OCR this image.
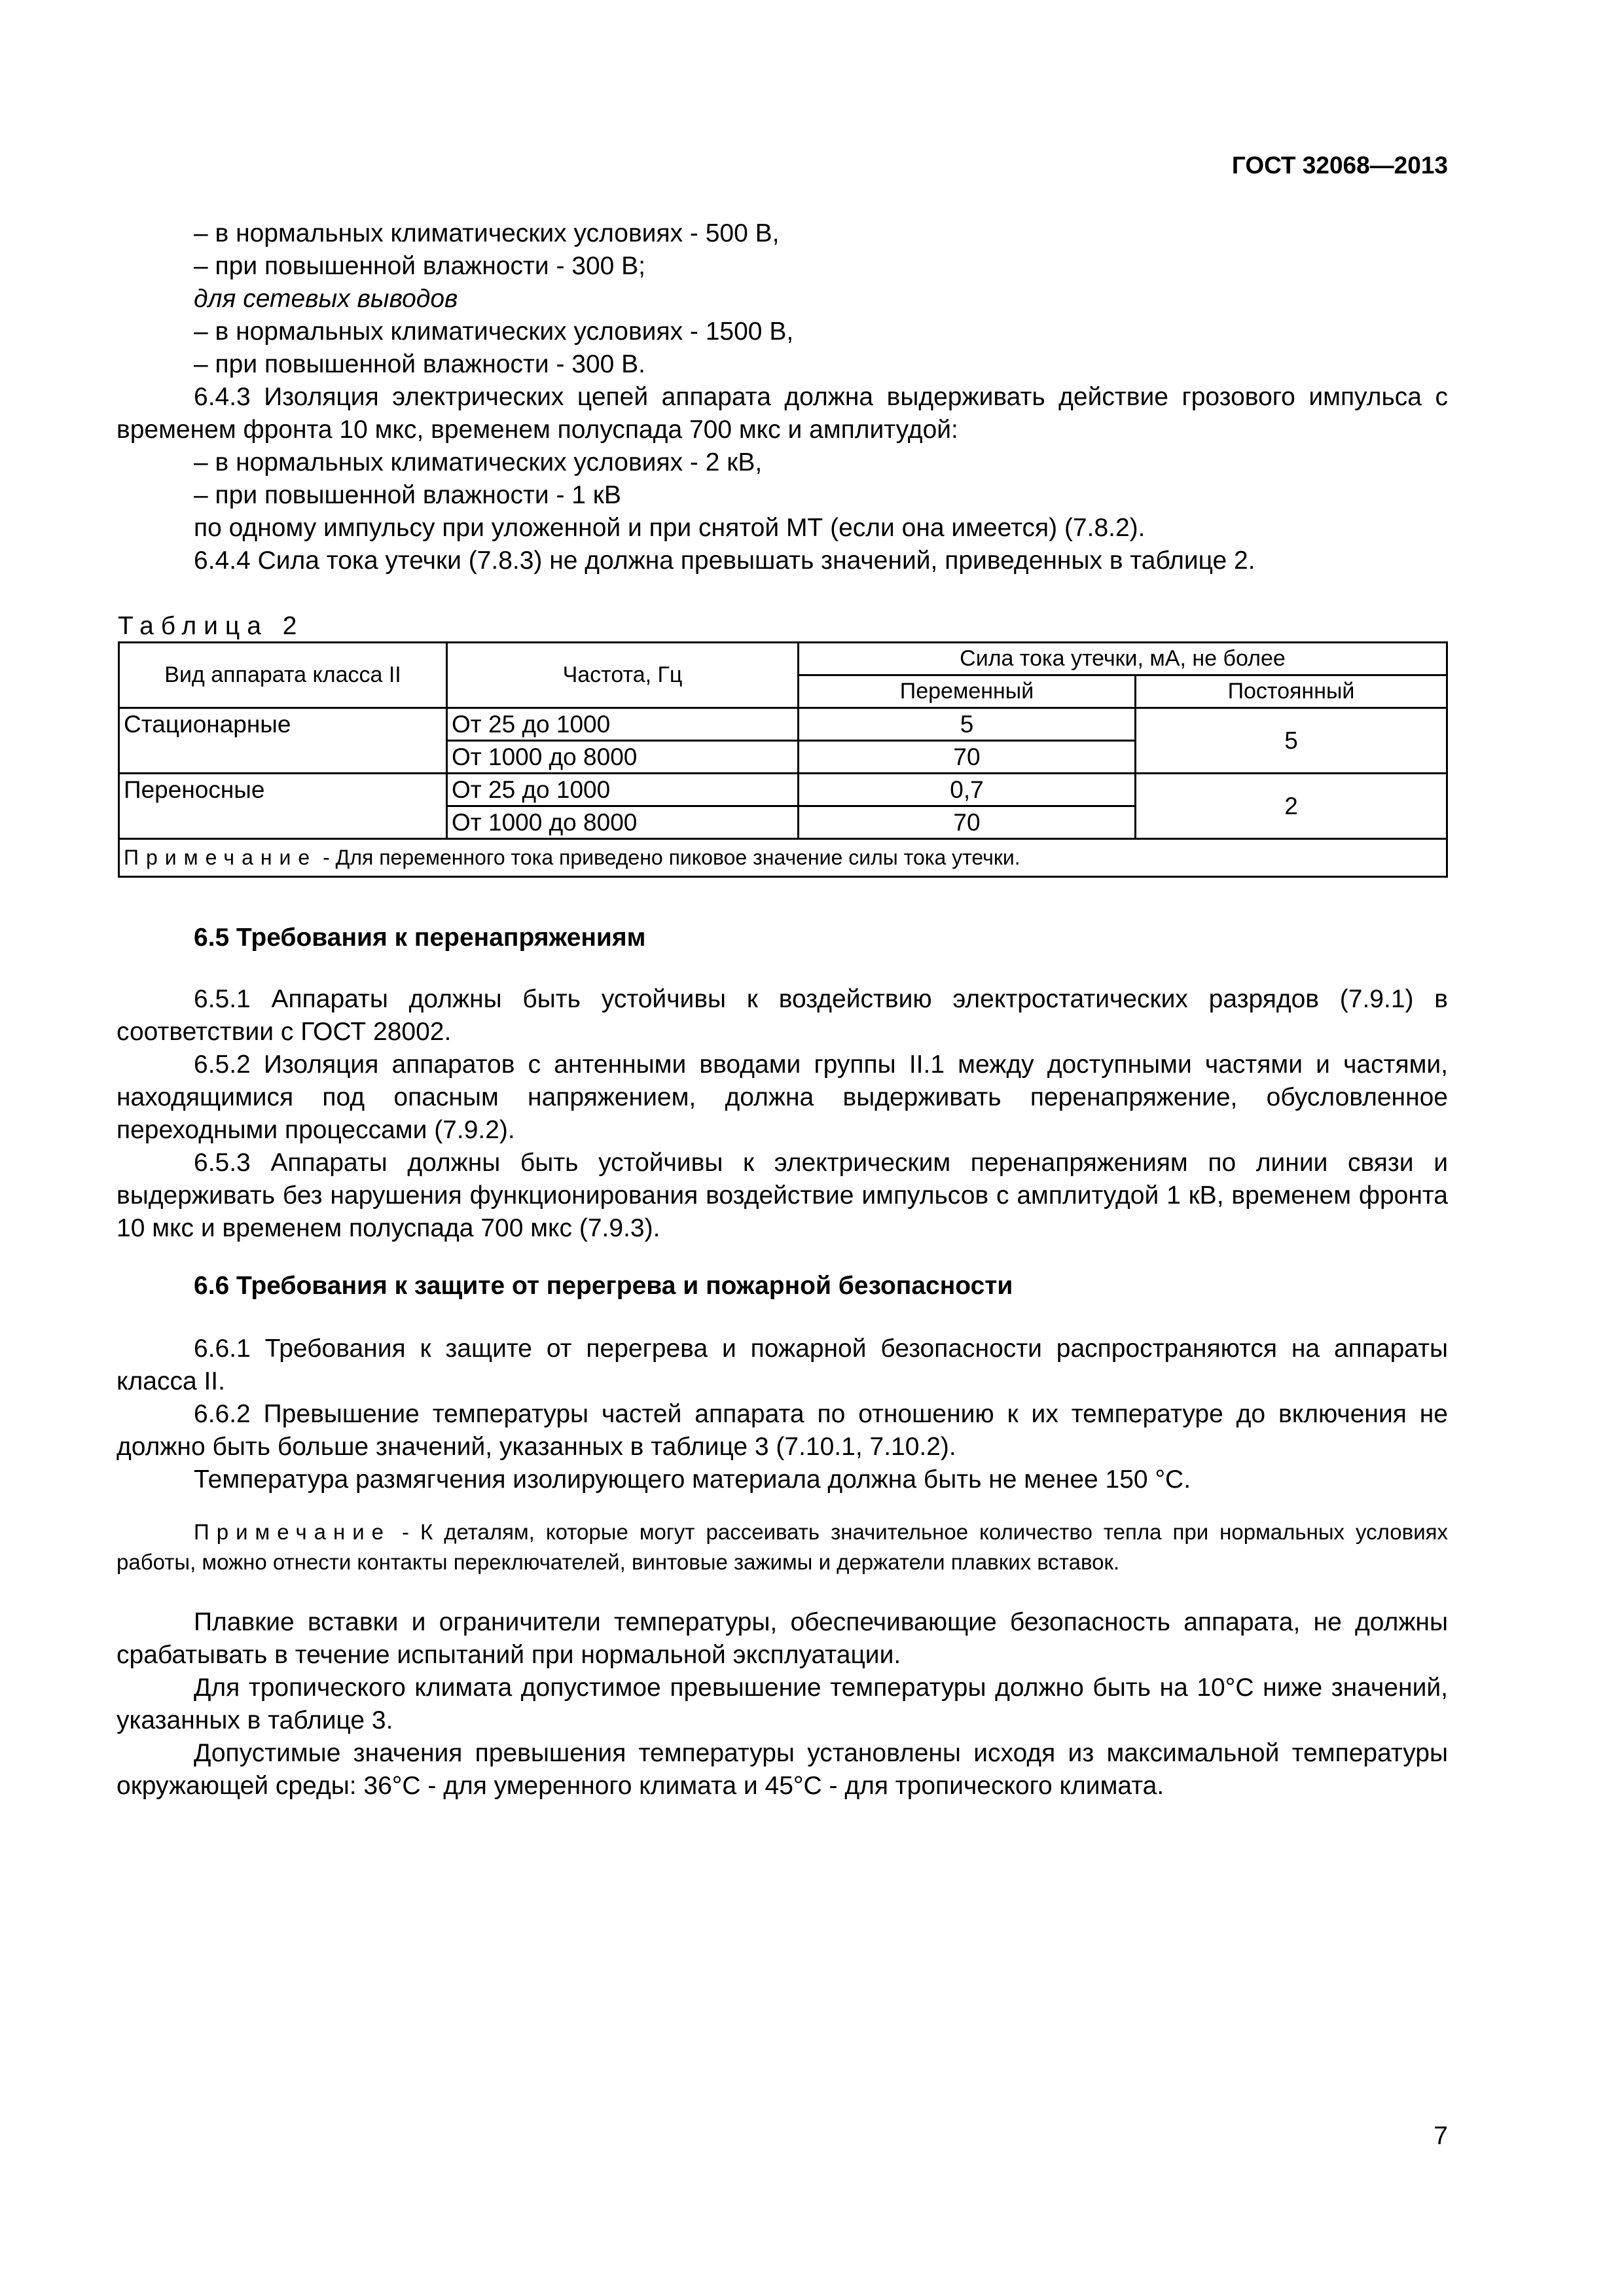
ГОСТ 32068—2013

– в нормальных климатических условиях - 500 В,

– при повышенной влажности - 300 В;

для сетевых выводов

– в нормальных климатических условиях - 1500 В,

– при повышенной влажности - 300 В.

6.4.3 Изоляция электрических цепей аппарата должна выдерживать действие грозового импульса с временем фронта 10 мкс, временем полуспада 700 мкс и амплитудой:

– в нормальных климатических условиях - 2 кВ,

– при повышенной влажности - 1 кВ

по одному импульсу при уложенной и при снятой МТ (если она имеется) (7.8.2).

6.4.4 Сила тока утечки (7.8.3) не должна превышать значений, приведенных в таблице 2.

Таблица 2
Вид аппарата класса II	Частота, Гц	Сила тока утечки, мА, не более	
		Переменный	Постоянный
Стационарные	От 25 до 1000	5	5
	От 1000 до 8000	70	
Переносные	От 25 до 1000	0,7	2
	От 1000 до 8000	70	
Примечание - Для переменного тока приведено пиковое значение силы тока утечки.			
6.5 Требования к перенапряжениям

6.5.1 Аппараты должны быть устойчивы к воздействию электростатических разрядов (7.9.1) в соответствии с ГОСТ 28002.

6.5.2 Изоляция аппаратов с антенными вводами группы II.1 между доступными частями и частями, находящимися под опасным напряжением, должна выдерживать перенапряжение, обусловленное переходными процессами (7.9.2).

6.5.3 Аппараты должны быть устойчивы к электрическим перенапряжениям по линии связи и выдерживать без нарушения функционирования воздействие импульсов с амплитудой 1 кВ, временем фронта 10 мкс и временем полуспада 700 мкс (7.9.3).

6.6 Требования к защите от перегрева и пожарной безопасности

6.6.1 Требования к защите от перегрева и пожарной безопасности распространяются на аппараты класса II.

6.6.2 Превышение температуры частей аппарата по отношению к их температуре до включения не должно быть больше значений, указанных в таблице 3 (7.10.1, 7.10.2).

Температура размягчения изолирующего материала должна быть не менее 150 °C.

Примечание - К деталям, которые могут рассеивать значительное количество тепла при нормальных условиях работы, можно отнести контакты переключателей, винтовые зажимы и держатели плавких вставок.

Плавкие вставки и ограничители температуры, обеспечивающие безопасность аппарата, не должны срабатывать в течение испытаний при нормальной эксплуатации.

Для тропического климата допустимое превышение температуры должно быть на 10°C ниже значений, указанных в таблице 3.

Допустимые значения превышения температуры установлены исходя из максимальной температуры окружающей среды: 36°C - для умеренного климата и 45°C - для тропического климата.

7
